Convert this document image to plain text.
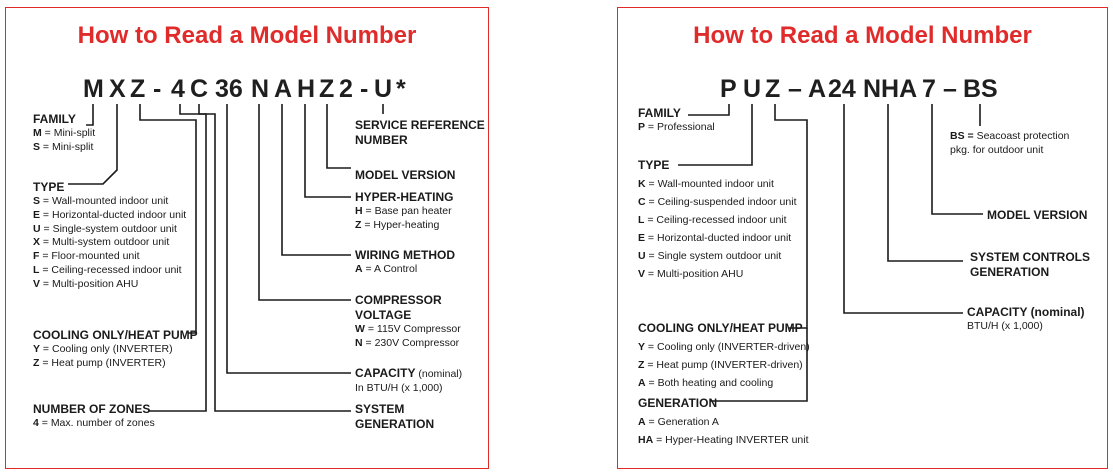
How to Read a Model Number
M X Z - 4 C 36 N A H Z 2 - U *
FAMILY
M = Mini-split
S = Mini-split
TYPE
S = Wall-mounted indoor unit
E = Horizontal-ducted indoor unit
U = Single-system outdoor unit
X = Multi-system outdoor unit
F = Floor-mounted unit
L = Ceiling-recessed indoor unit
V = Multi-position AHU
COOLING ONLY/HEAT PUMP
Y = Cooling only (INVERTER)
Z = Heat pump (INVERTER)
NUMBER OF ZONES
4 = Max. number of zones
SERVICE REFERENCE
NUMBER
MODEL VERSION
HYPER-HEATING
H = Base pan heater
Z = Hyper-heating
WIRING METHOD
A = A Control
COMPRESSOR
VOLTAGE
W = 115V Compressor
N = 230V Compressor
CAPACITY (nominal)
In BTU/H (x 1,000)
SYSTEM
GENERATION
How to Read a Model Number
P U Z – A 24 NHA 7 – BS
FAMILY
P = Professional
TYPE
K = Wall-mounted indoor unit
C = Ceiling-suspended indoor unit
L = Ceiling-recessed indoor unit
E = Horizontal-ducted indoor unit
U = Single system outdoor unit
V = Multi-position AHU
COOLING ONLY/HEAT PUMP
Y = Cooling only (INVERTER-driven)
Z = Heat pump (INVERTER-driven)
A = Both heating and cooling
GENERATION
A = Generation A
HA = Hyper-Heating INVERTER unit
BS = Seacoast protection
pkg. for outdoor unit
MODEL VERSION
SYSTEM CONTROLS
GENERATION
CAPACITY (nominal)
BTU/H (x 1,000)
